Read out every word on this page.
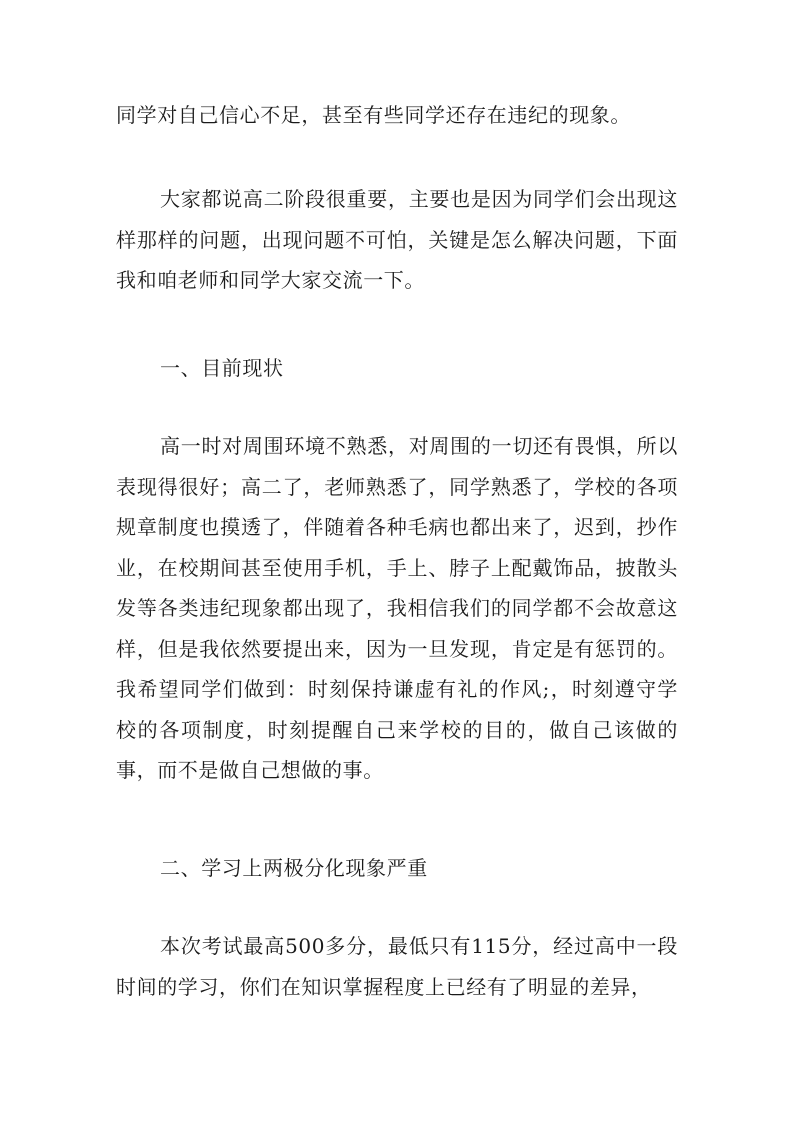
同学对自己信心不足，甚至有些同学还存在违纪的现象。

大家都说高二阶段很重要，主要也是因为同学们会出现这样那样的问题，出现问题不可怕，关键是怎么解决问题，下面我和咱老师和同学大家交流一下。

一、目前现状

高一时对周围环境不熟悉，对周围的一切还有畏惧，所以表现得很好；高二了，老师熟悉了，同学熟悉了，学校的各项规章制度也摸透了，伴随着各种毛病也都出来了，迟到，抄作业，在校期间甚至使用手机，手上、脖子上配戴饰品，披散头发等各类违纪现象都出现了，我相信我们的同学都不会故意这样，但是我依然要提出来，因为一旦发现，肯定是有惩罚的。我希望同学们做到：时刻保持谦虚有礼的作风;，时刻遵守学校的各项制度，时刻提醒自己来学校的目的，做自己该做的事，而不是做自己想做的事。

二、学习上两极分化现象严重

本次考试最高500多分，最低只有115分，经过高中一段时间的学习，你们在知识掌握程度上已经有了明显的差异，
